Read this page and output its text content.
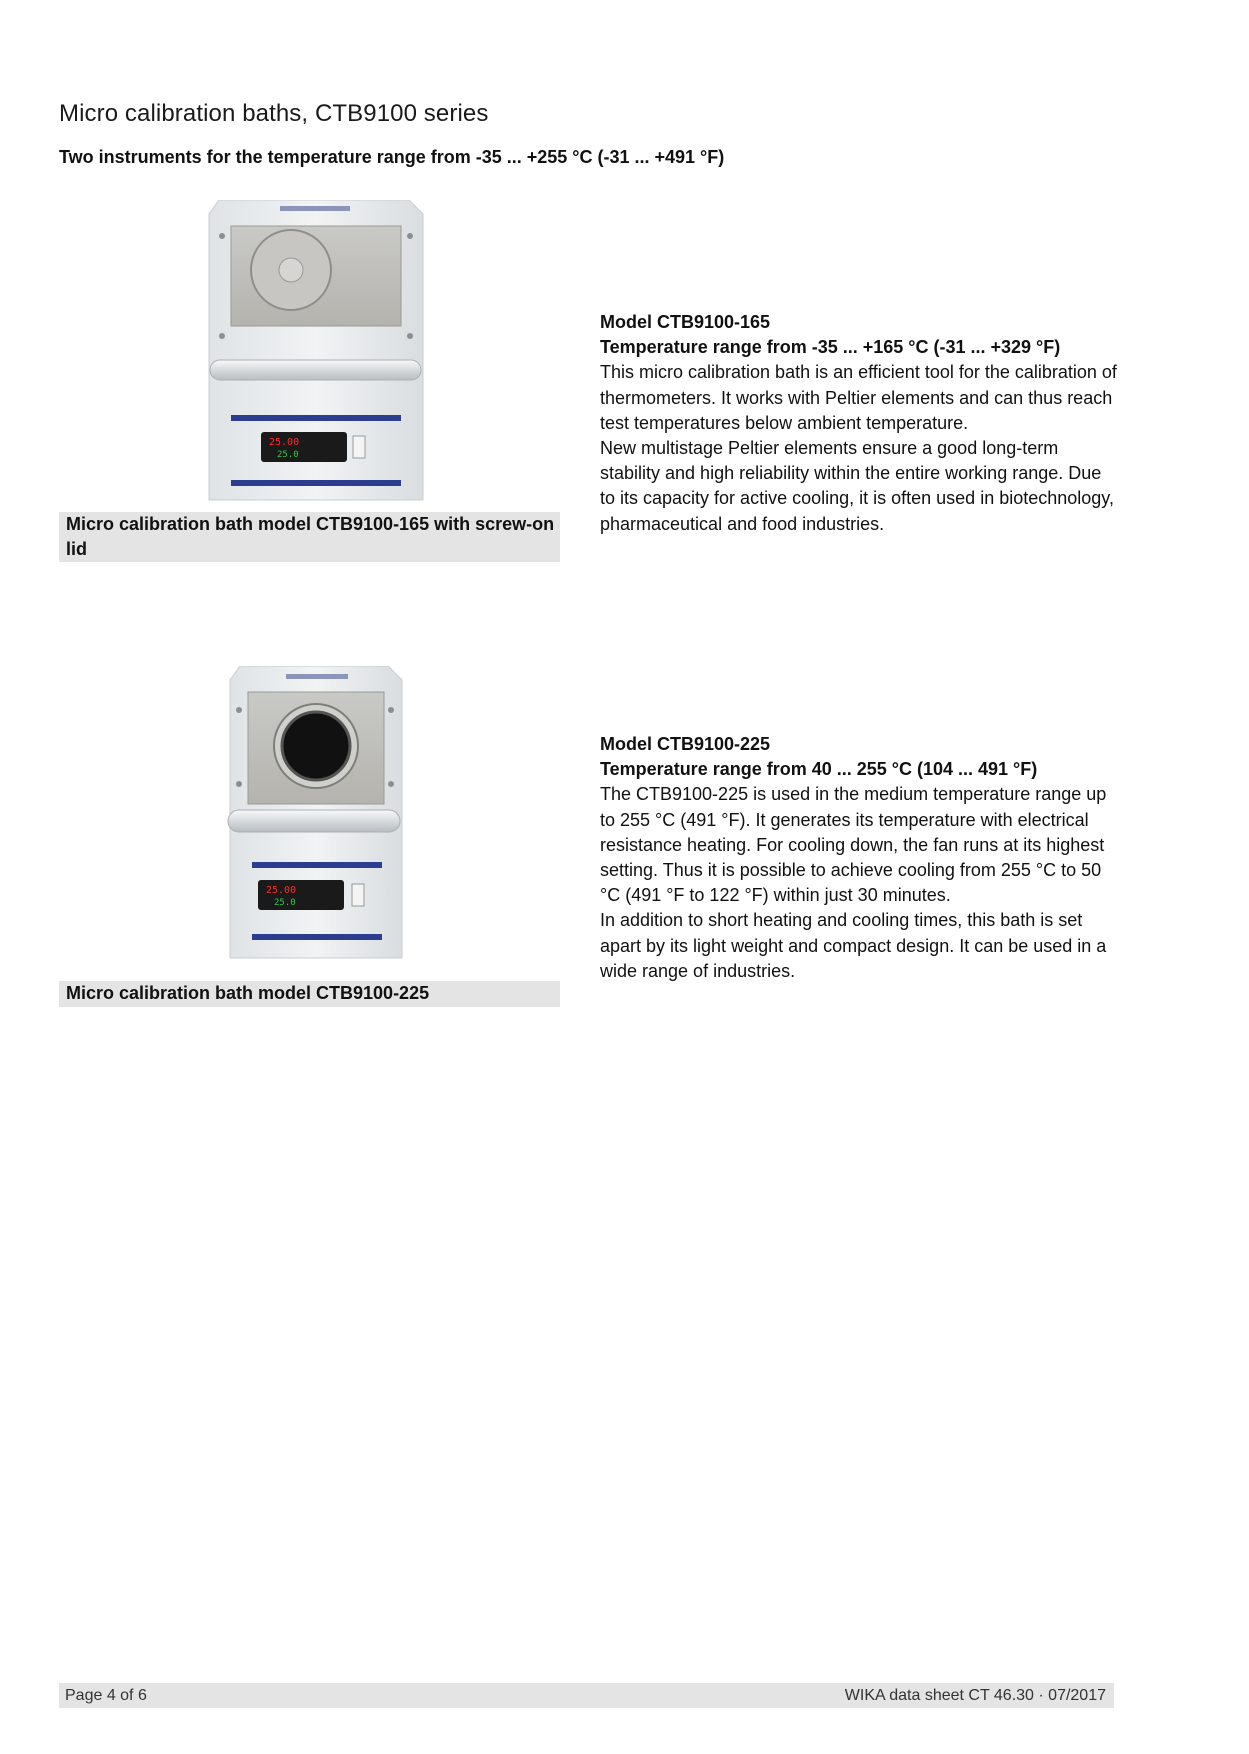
Micro calibration baths, CTB9100 series
Two instruments for the temperature range from -35 ... +255 °C (-31 ... +491 °F)
25.00
25.0
Micro calibration bath model CTB9100-165 with screw-on lid
Model CTB9100-165
Temperature range from -35 ... +165 °C (-31 ... +329 °F)

This micro calibration bath is an efficient tool for the calibration of thermometers. It works with Peltier elements and can thus reach test temperatures below ambient temperature.

New multistage Peltier elements ensure a good long-term stability and high reliability within the entire working range. Due to its capacity for active cooling, it is often used in biotechnology, pharmaceutical and food industries.

25.00
25.0
Micro calibration bath model CTB9100-225
Model CTB9100-225
Temperature range from 40 ... 255 °C (104 ... 491 °F)

The CTB9100-225 is used in the medium temperature range up to 255 °C (491 °F). It generates its temperature with electrical resistance heating. For cooling down, the fan runs at its highest setting. Thus it is possible to achieve cooling from 255 °C to 50 °C (491 °F to 122 °F) within just 30 minutes.

In addition to short heating and cooling times, this bath is set apart by its light weight and compact design. It can be used in a wide range of industries.

Page 4 of 6	WIKA data sheet CT 46.30 · 07/2017
